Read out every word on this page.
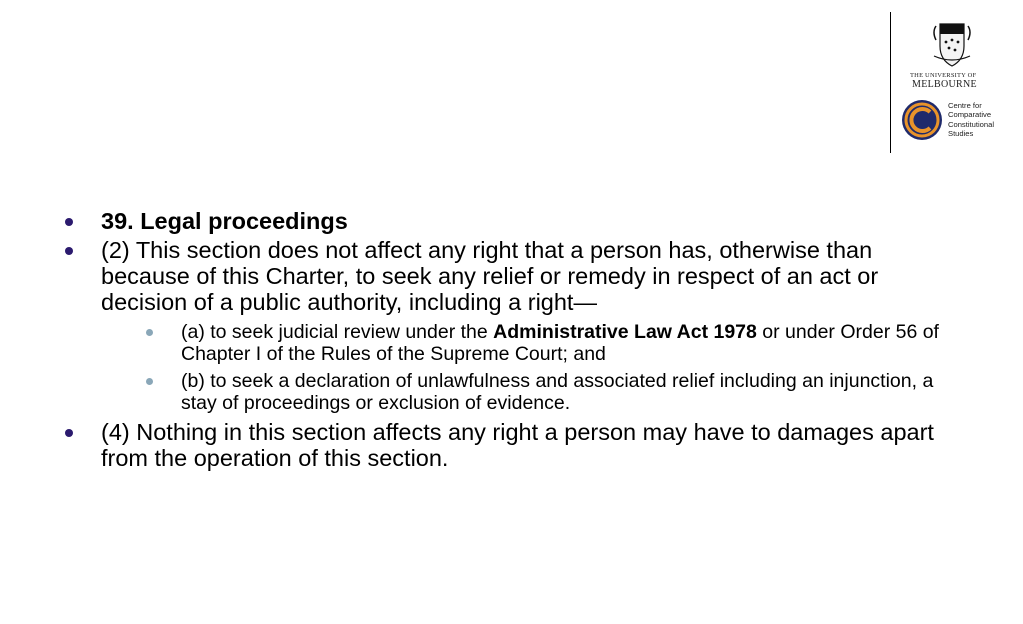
THE UNIVERSITY OF
MELBOURNE
Centre for
Comparative
Constitutional
Studies
39. Legal proceedings
(2) This section does not affect any right that a person has, otherwise than because of this Charter, to seek any relief or remedy in respect of an act or decision of a public authority, including a right—
(a) to seek judicial review under the Administrative Law Act 1978 or under Order 56 of Chapter I of the Rules of the Supreme Court; and
(b) to seek a declaration of unlawfulness and associated relief including an injunction, a stay of proceedings or exclusion of evidence.
(4) Nothing in this section affects any right a person may have to damages apart from the operation of this section.
